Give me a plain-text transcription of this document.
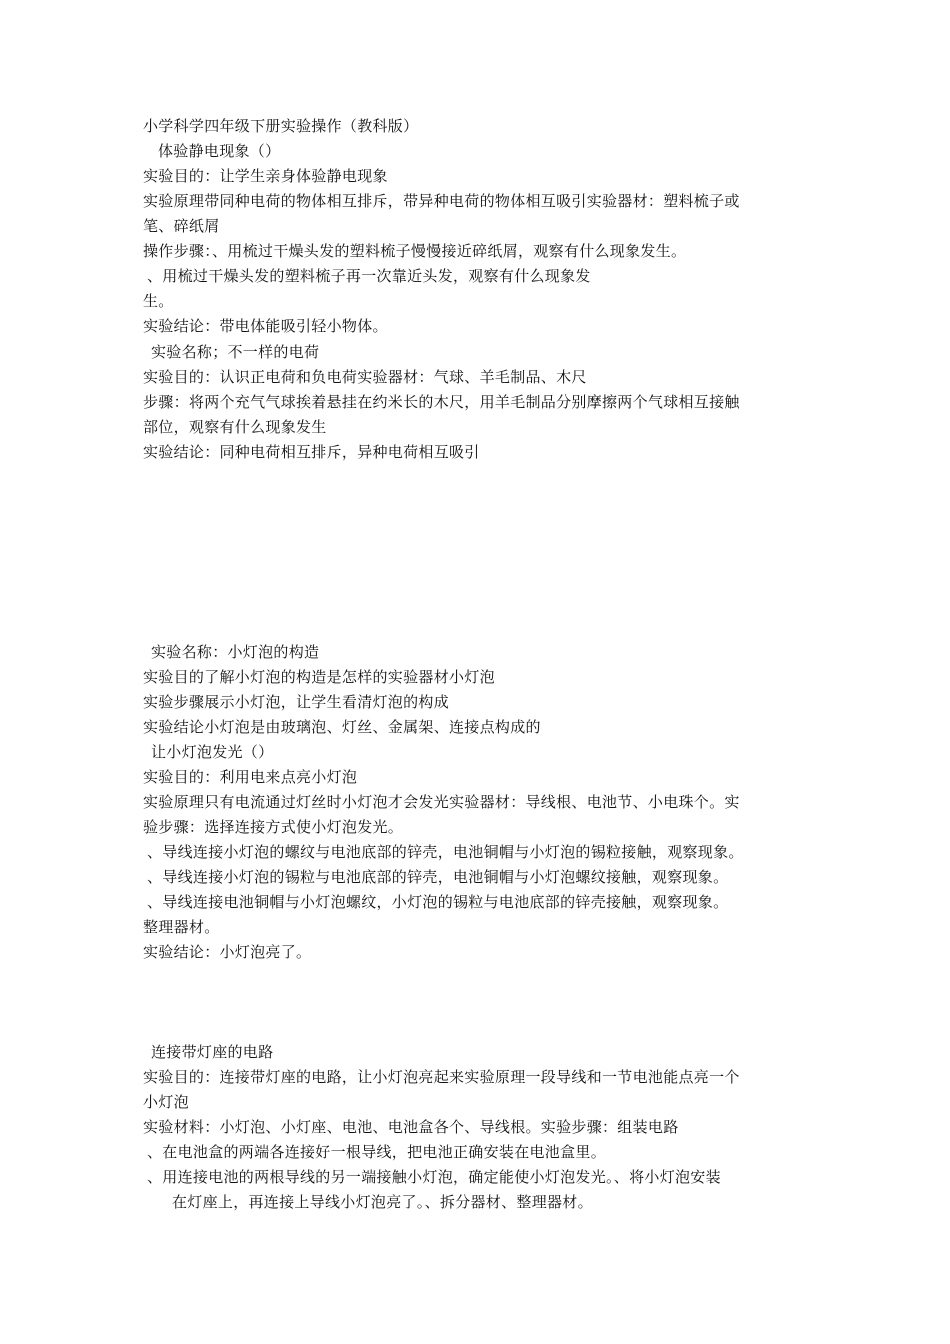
小学科学四年级下册实验操作（教科版）
体验静电现象（）
实验目的：让学生亲身体验静电现象
实验原理带同种电荷的物体相互排斥，带异种电荷的物体相互吸引实验器材：塑料梳子或
笔、碎纸屑
操作步骤：、用梳过干燥头发的塑料梳子慢慢接近碎纸屑，观察有什么现象发生。
、用梳过干燥头发的塑料梳子再一次靠近头发，观察有什么现象发
生。
实验结论：带电体能吸引轻小物体。
实验名称；不一样的电荷
实验目的：认识正电荷和负电荷实验器材：气球、羊毛制品、木尺
步骤：将两个充气气球挨着悬挂在约米长的木尺，用羊毛制品分别摩擦两个气球相互接触
部位，观察有什么现象发生
实验结论：同种电荷相互排斥，异种电荷相互吸引
实验名称：小灯泡的构造
实验目的了解小灯泡的构造是怎样的实验器材小灯泡
实验步骤展示小灯泡，让学生看清灯泡的构成
实验结论小灯泡是由玻璃泡、灯丝、金属架、连接点构成的
让小灯泡发光（）
实验目的：利用电来点亮小灯泡
实验原理只有电流通过灯丝时小灯泡才会发光实验器材：导线根、电池节、小电珠个。实
验步骤：选择连接方式使小灯泡发光。
、导线连接小灯泡的螺纹与电池底部的锌壳，电池铜帽与小灯泡的锡粒接触，观察现象。
、导线连接小灯泡的锡粒与电池底部的锌壳，电池铜帽与小灯泡螺纹接触，观察现象。
、导线连接电池铜帽与小灯泡螺纹，小灯泡的锡粒与电池底部的锌壳接触，观察现象。
整理器材。
实验结论：小灯泡亮了。
连接带灯座的电路
实验目的：连接带灯座的电路，让小灯泡亮起来实验原理一段导线和一节电池能点亮一个
小灯泡
实验材料：小灯泡、小灯座、电池、电池盒各个、导线根。实验步骤：组装电路
、在电池盒的两端各连接好一根导线，把电池正确安装在电池盒里。
、用连接电池的两根导线的另一端接触小灯泡，确定能使小灯泡发光。、将小灯泡安装
在灯座上，再连接上导线小灯泡亮了。、拆分器材、整理器材。
